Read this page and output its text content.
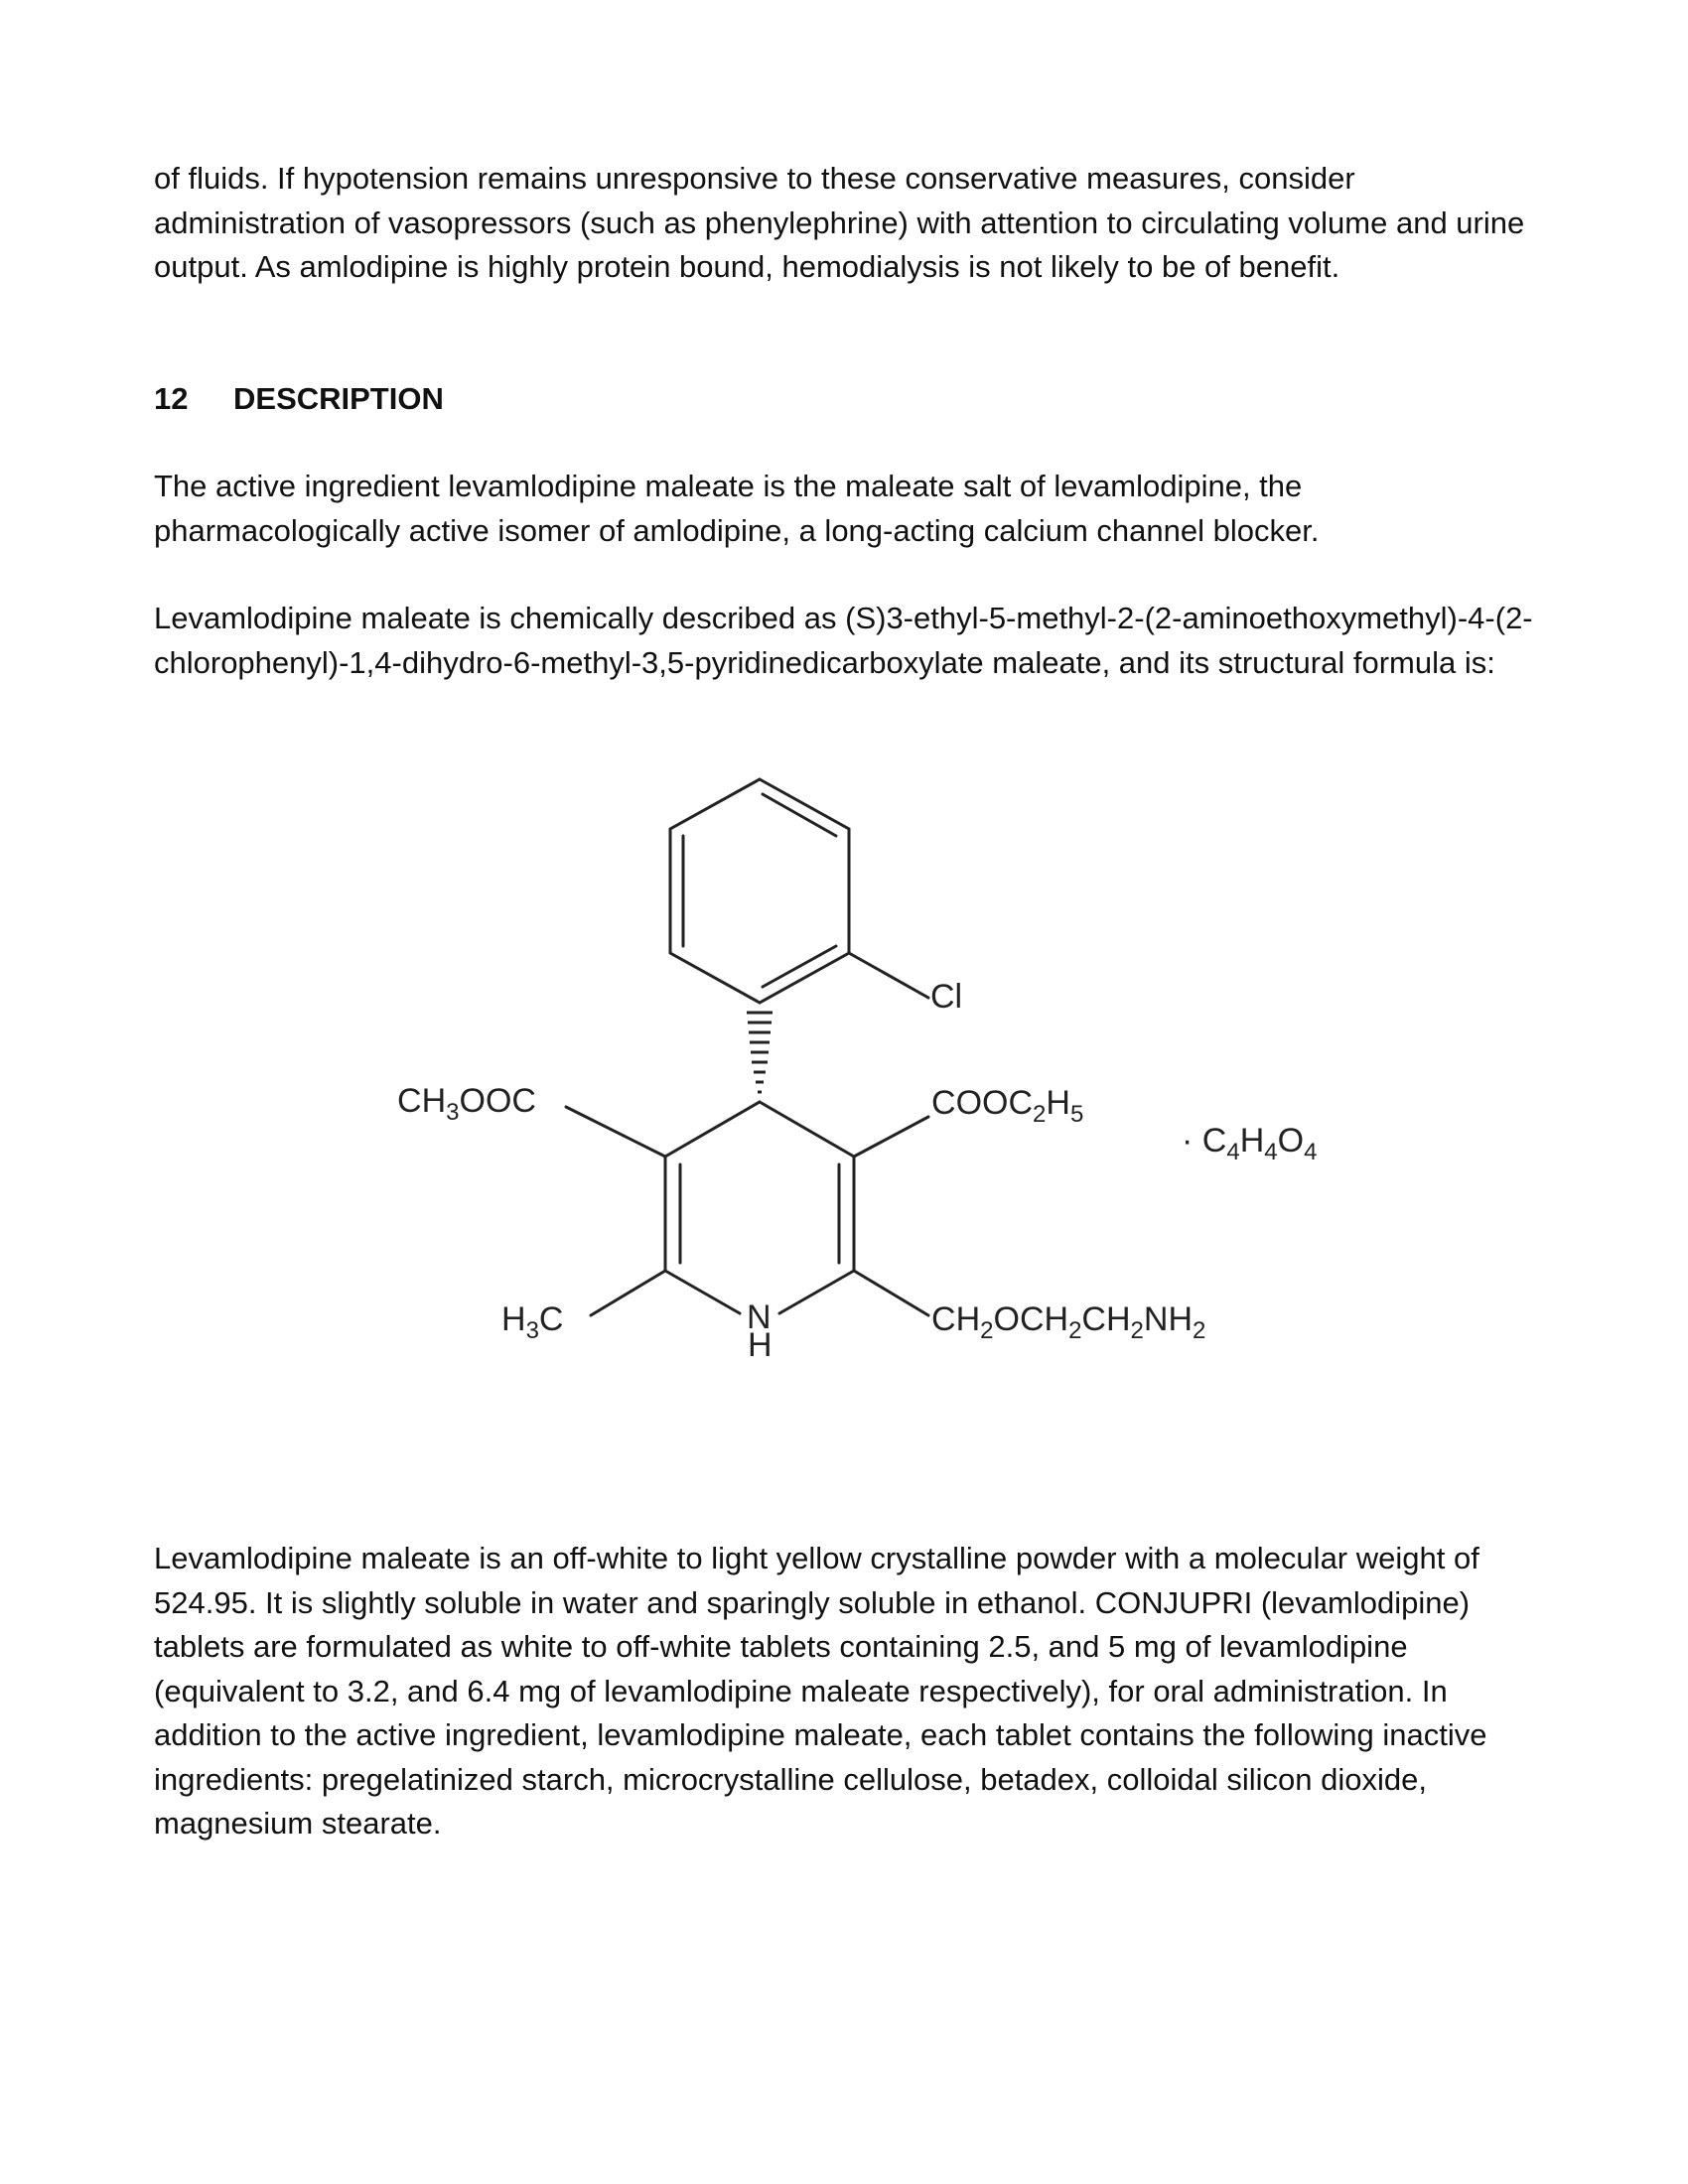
of fluids. If hypotension remains unresponsive to these conservative measures, consider administration of vasopressors (such as phenylephrine) with attention to circulating volume and urine output. As amlodipine is highly protein bound, hemodialysis is not likely to be of benefit.

12 DESCRIPTION

The active ingredient levamlodipine maleate is the maleate salt of levamlodipine, the pharmacologically active isomer of amlodipine, a long-acting calcium channel blocker.

Levamlodipine maleate is chemically described as (S)3-ethyl-5-methyl-2-(2-aminoethoxymethyl)-4-(2-chlorophenyl)-1,4-dihydro-6-methyl-3,5-pyridinedicarboxylate maleate, and its structural formula is:

Cl
$CH_3OOC$	$COOC_2H_5$
· $C_4H_4O_4$
$H_3C$	N
H
$CH_2OCH_2CH_2NH_2$

Levamlodipine maleate is an off-white to light yellow crystalline powder with a molecular weight of 524.95. It is slightly soluble in water and sparingly soluble in ethanol. CONJUPRI (levamlodipine) tablets are formulated as white to off-white tablets containing 2.5, and 5 mg of levamlodipine (equivalent to 3.2, and 6.4 mg of levamlodipine maleate respectively), for oral administration. In addition to the active ingredient, levamlodipine maleate, each tablet contains the following inactive ingredients: pregelatinized starch, microcrystalline cellulose, betadex, colloidal silicon dioxide, magnesium stearate.
